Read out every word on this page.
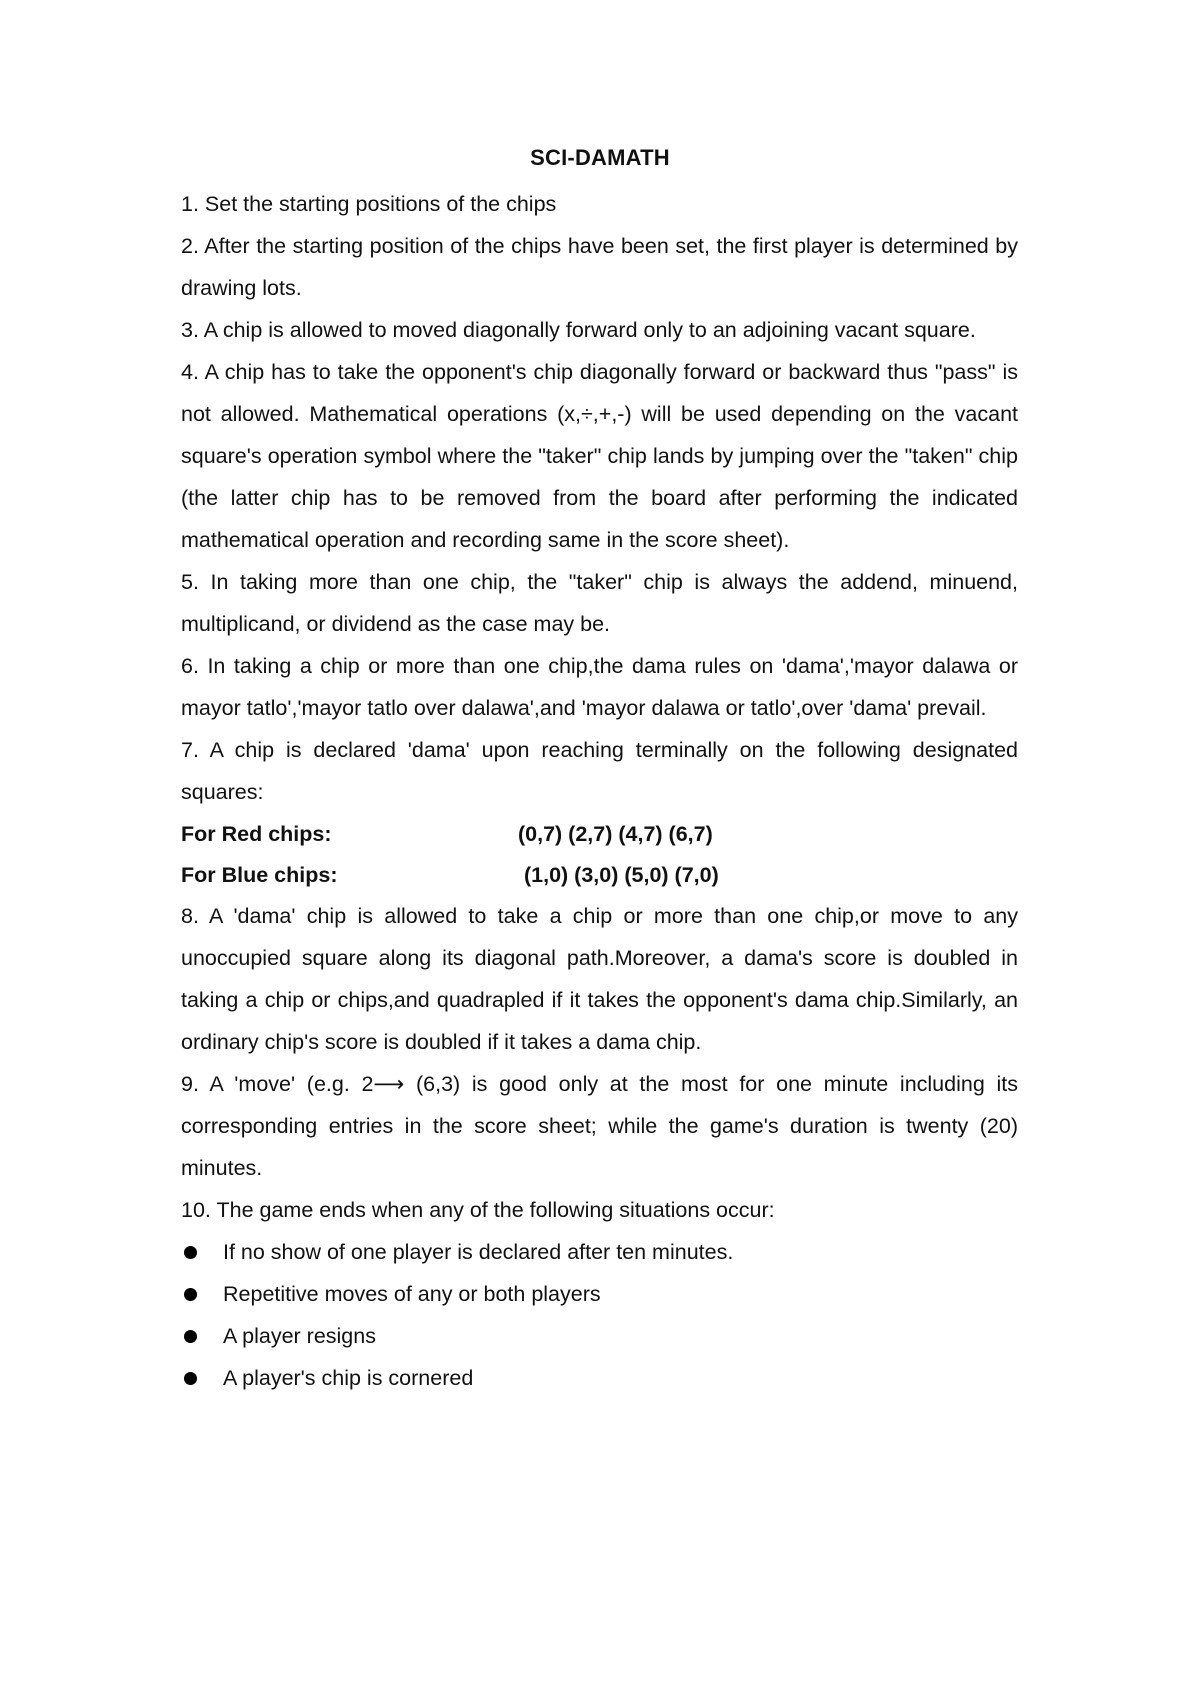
SCI-DAMATH

1. Set the starting positions of the chips

2. After the starting position of the chips have been set, the first player is determined by drawing lots.

3. A chip is allowed to moved diagonally forward only to an adjoining vacant square.

4. A chip has to take the opponent's chip diagonally forward or backward thus "pass" is not allowed. Mathematical operations (x,÷,+,-) will be used depending on the vacant square's operation symbol where the "taker" chip lands by jumping over the "taken" chip (the latter chip has to be removed from the board after performing the indicated mathematical operation and recording same in the score sheet).

5. In taking more than one chip, the "taker" chip is always the addend, minuend, multiplicand, or dividend as the case may be.

6. In taking a chip or more than one chip,the dama rules on 'dama','mayor dalawa or mayor tatlo','mayor tatlo over dalawa',and 'mayor dalawa or tatlo',over 'dama' prevail.

7. A chip is declared 'dama' upon reaching terminally on the following designated squares:

For Red chips:	(0,7) (2,7) (4,7) (6,7)
For Blue chips:	(1,0) (3,0) (5,0) (7,0)

8. A 'dama' chip is allowed to take a chip or more than one chip,or move to any unoccupied square along its diagonal path.Moreover, a dama's score is doubled in taking a chip or chips,and quadrapled if it takes the opponent's dama chip.Similarly, an ordinary chip's score is doubled if it takes a dama chip.

9. A 'move' (e.g. 2⟶ (6,3) is good only at the most for one minute including its corresponding entries in the score sheet; while the game's duration is twenty (20) minutes.

10. The game ends when any of the following situations occur:

If no show of one player is declared after ten minutes.
Repetitive moves of any or both players
A player resigns
A player's chip is cornered
